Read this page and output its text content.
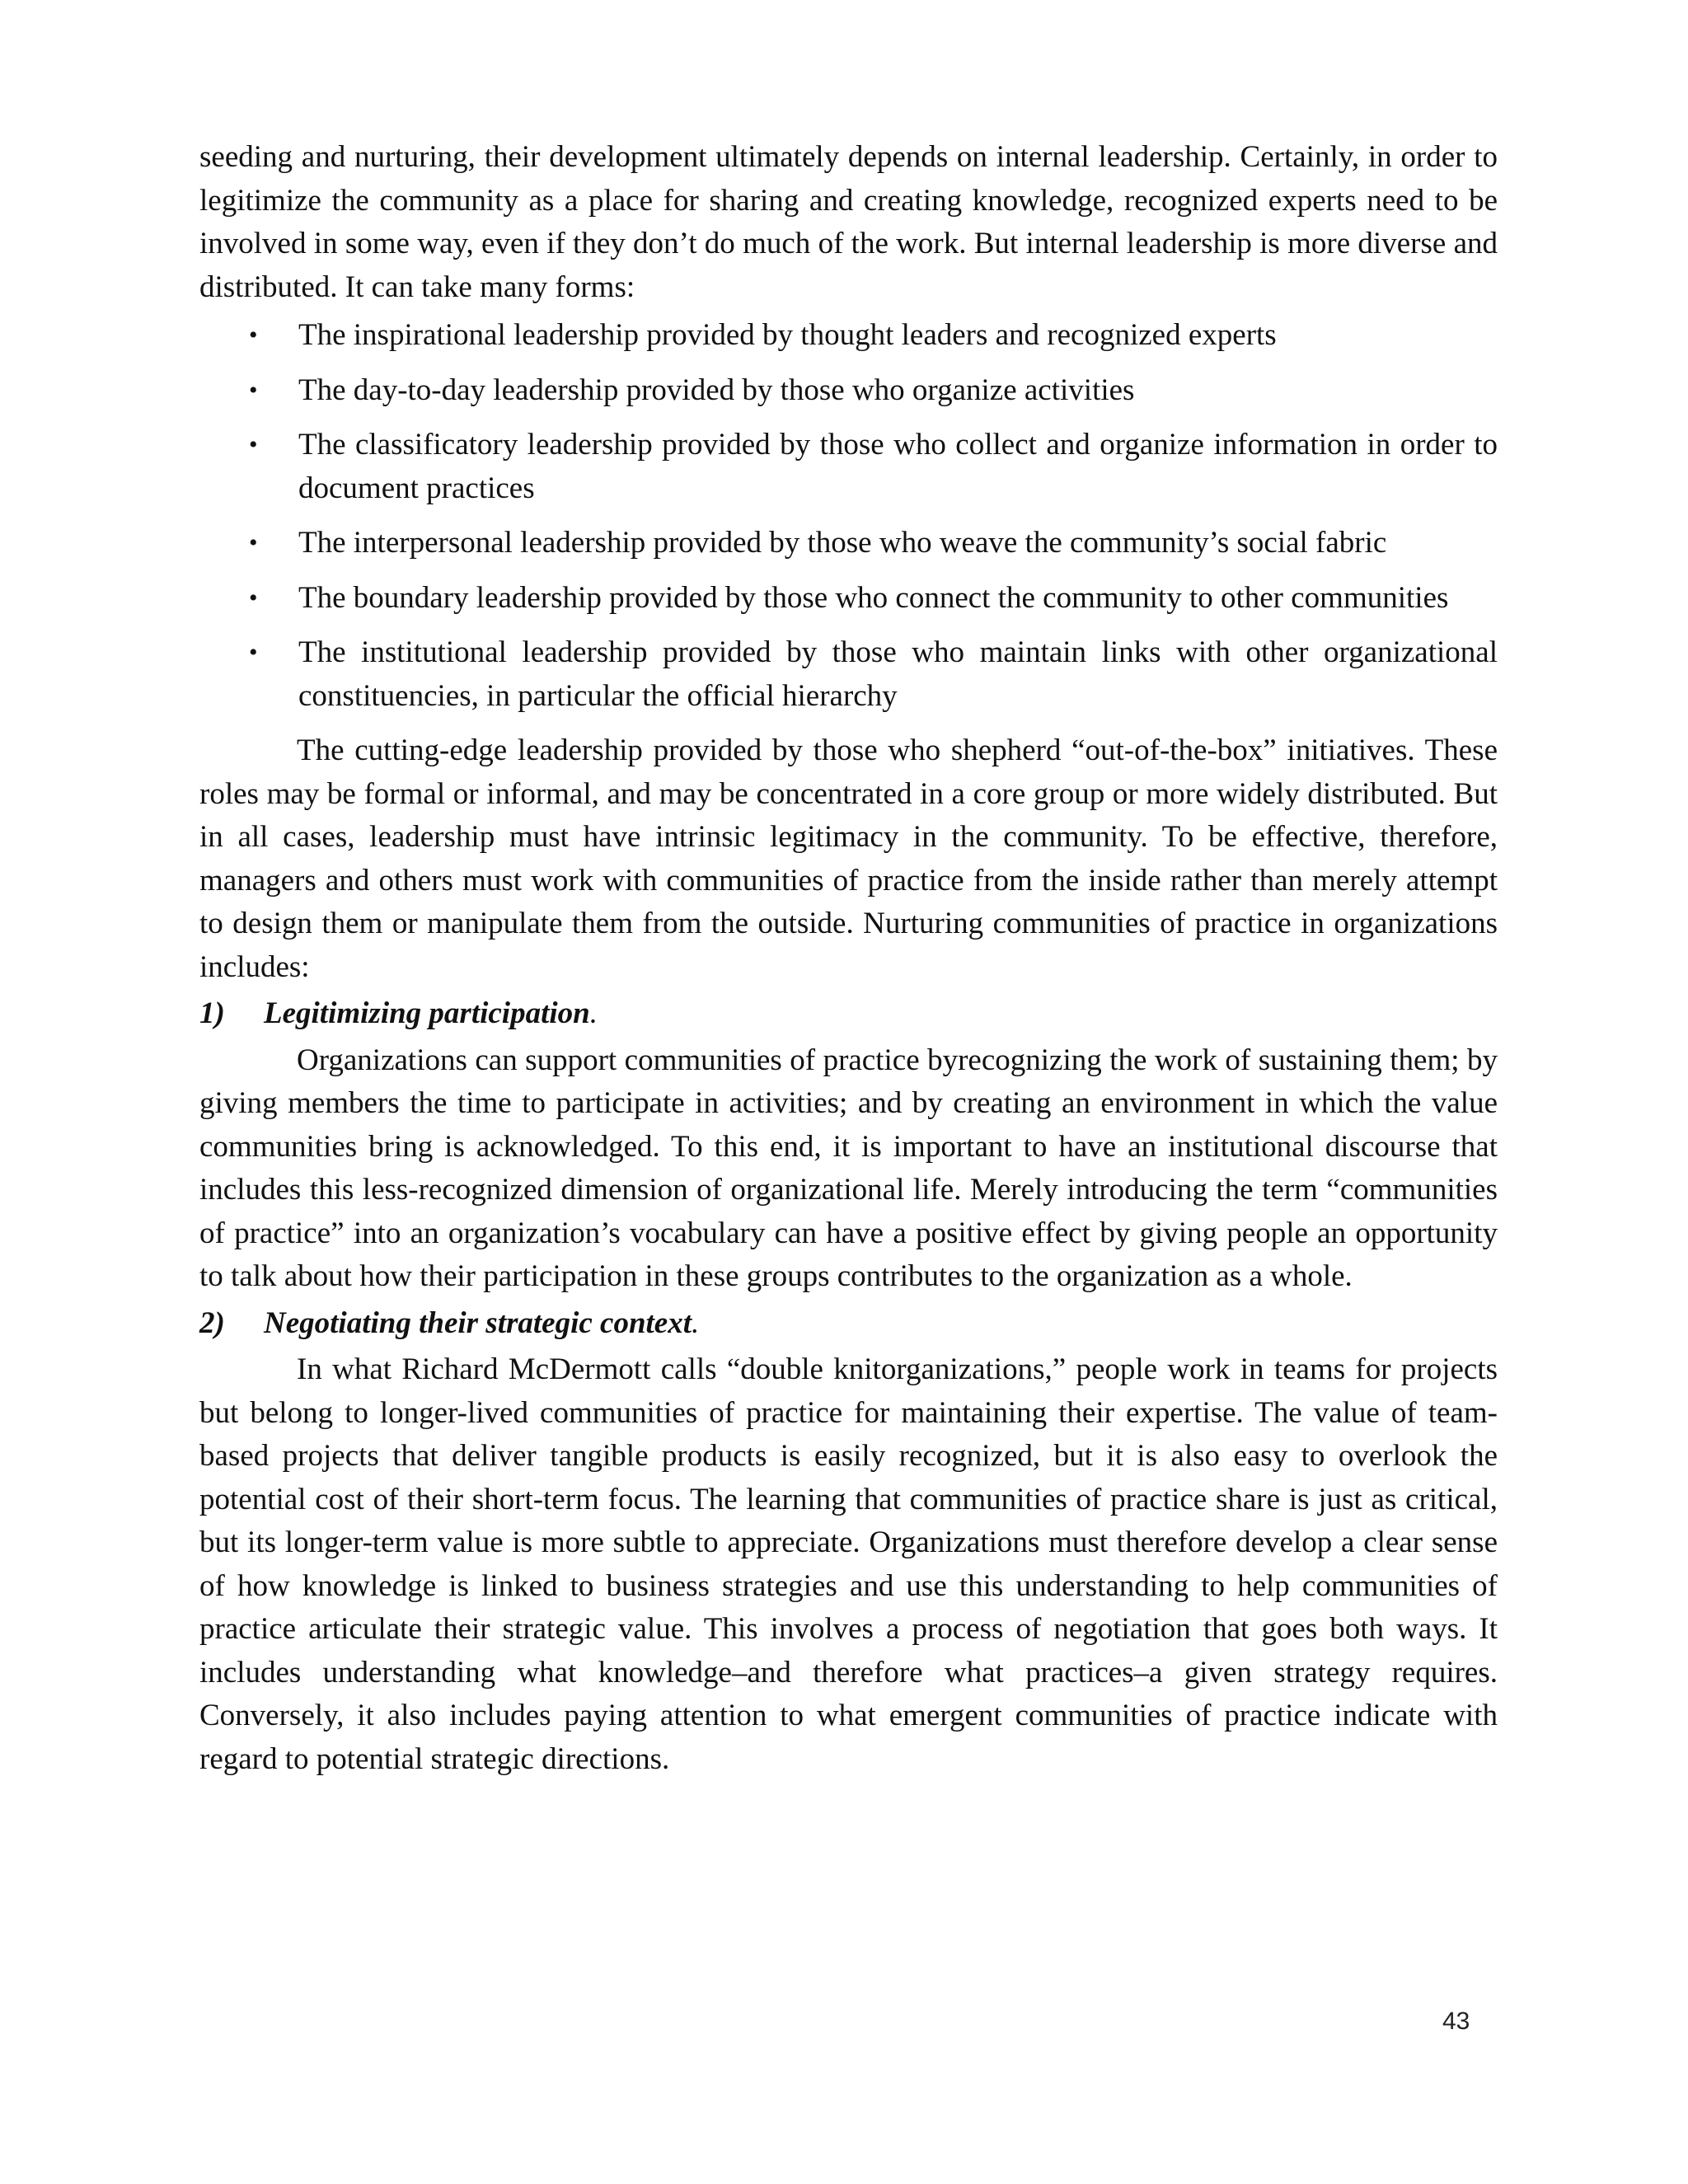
seeding and nurturing, their development ultimately depends on internal leadership. Certainly, in order to legitimize the community as a place for sharing and creating knowledge, recognized experts need to be involved in some way, even if they don’t do much of the work. But internal leadership is more diverse and distributed. It can take many forms:

• The inspirational leadership provided by thought leaders and recognized experts
• The day-to-day leadership provided by those who organize activities
• The classificatory leadership provided by those who collect and organize information in order to document practices
• The interpersonal leadership provided by those who weave the community’s social fabric
• The boundary leadership provided by those who connect the community to other communities
• The institutional leadership provided by those who maintain links with other organizational constituencies, in particular the official hierarchy

The cutting-edge leadership provided by those who shepherd “out-of-the-box” initiatives. These roles may be formal or informal, and may be concentrated in a core group or more widely distributed. But in all cases, leadership must have intrinsic legitimacy in the community. To be effective, therefore, managers and others must work with communities of practice from the inside rather than merely attempt to design them or manipulate them from the outside. Nurturing communities of practice in organizations includes:

1) Legitimizing participation.

Organizations can support communities of practice byrecognizing the work of sustaining them; by giving members the time to participate in activities; and by creating an environment in which the value communities bring is acknowledged. To this end, it is important to have an institutional discourse that includes this less-recognized dimension of organizational life. Merely introducing the term “communities of practice” into an organization’s vocabulary can have a positive effect by giving people an opportunity to talk about how their participation in these groups contributes to the organization as a whole.

2) Negotiating their strategic context.

In what Richard McDermott calls “double knitorganizations,” people work in teams for projects but belong to longer-lived communities of practice for maintaining their expertise. The value of team-based projects that deliver tangible products is easily recognized, but it is also easy to overlook the potential cost of their short-term focus. The learning that communities of practice share is just as critical, but its longer-term value is more subtle to appreciate. Organizations must therefore develop a clear sense of how knowledge is linked to business strategies and use this understanding to help communities of practice articulate their strategic value. This involves a process of negotiation that goes both ways. It includes understanding what knowledge–and therefore what practices–a given strategy requires. Conversely, it also includes paying attention to what emergent communities of practice indicate with regard to potential strategic directions.

43
